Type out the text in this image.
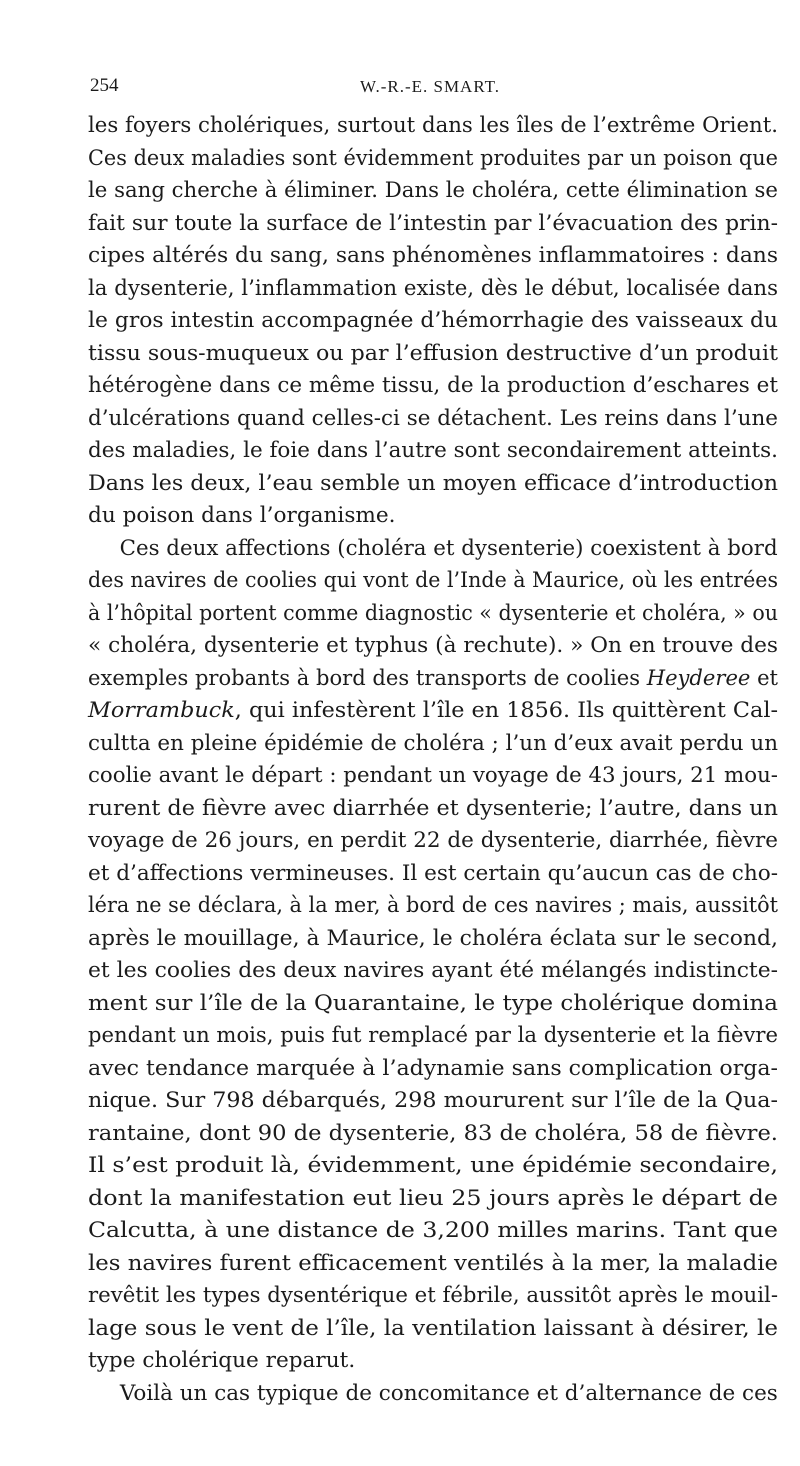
254	W.-R.-E. SMART.
les foyers cholériques, surtout dans les îles de l’extrême Orient.
Ces deux maladies sont évidemment produites par un poison que
le sang cherche à éliminer. Dans le choléra, cette élimination se
fait sur toute la surface de l’intestin par l’évacuation des prin-
cipes altérés du sang, sans phénomènes inflammatoires : dans
la dysenterie, l’inflammation existe, dès le début, localisée dans
le gros intestin accompagnée d’hémorrhagie des vaisseaux du
tissu sous-muqueux ou par l’effusion destructive d’un produit
hétérogène dans ce même tissu, de la production d’eschares et
d’ulcérations quand celles-ci se détachent. Les reins dans l’une
des maladies, le foie dans l’autre sont secondairement atteints.
Dans les deux, l’eau semble un moyen efficace d’introduction
du poison dans l’organisme.
Ces deux affections (choléra et dysenterie) coexistent à bord
des navires de coolies qui vont de l’Inde à Maurice, où les entrées
à l’hôpital portent comme diagnostic « dysenterie et choléra, » ou
« choléra, dysenterie et typhus (à rechute). » On en trouve des
exemples probants à bord des transports de coolies Heyderee et
Morrambuck, qui infestèrent l’île en 1856. Ils quittèrent Cal-
cultta en pleine épidémie de choléra ; l’un d’eux avait perdu un
coolie avant le départ : pendant un voyage de 43 jours, 21 mou-
rurent de fièvre avec diarrhée et dysenterie; l’autre, dans un
voyage de 26 jours, en perdit 22 de dysenterie, diarrhée, fièvre
et d’affections vermineuses. Il est certain qu’aucun cas de cho-
léra ne se déclara, à la mer, à bord de ces navires ; mais, aussitôt
après le mouillage, à Maurice, le choléra éclata sur le second,
et les coolies des deux navires ayant été mélangés indistincte-
ment sur l’île de la Quarantaine, le type cholérique domina
pendant un mois, puis fut remplacé par la dysenterie et la fièvre
avec tendance marquée à l’adynamie sans complication orga-
nique. Sur 798 débarqués, 298 moururent sur l’île de la Qua-
rantaine, dont 90 de dysenterie, 83 de choléra, 58 de fièvre.
Il s’est produit là, évidemment, une épidémie secondaire,
dont la manifestation eut lieu 25 jours après le départ de
Calcutta, à une distance de 3,200 milles marins. Tant que
les navires furent efficacement ventilés à la mer, la maladie
revêtit les types dysentérique et fébrile, aussitôt après le mouil-
lage sous le vent de l’île, la ventilation laissant à désirer, le
type cholérique reparut.
Voilà un cas typique de concomitance et d’alternance de ces
